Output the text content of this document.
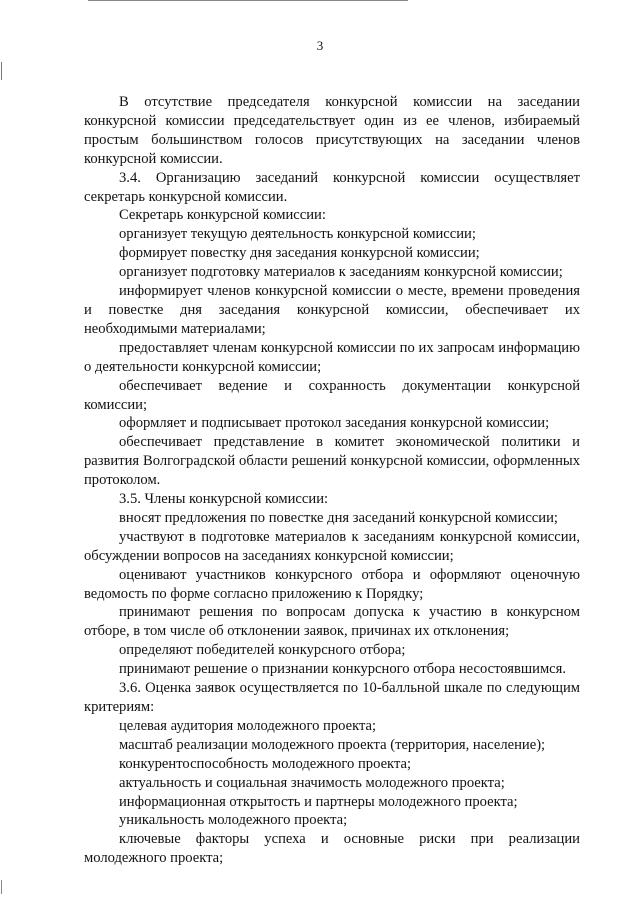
3

В отсутствие председателя конкурсной комиссии на заседании конкурсной комиссии председательствует один из ее членов, избираемый простым большинством голосов присутствующих на заседании членов конкурсной комиссии.

3.4. Организацию заседаний конкурсной комиссии осуществляет секретарь конкурсной комиссии.

Секретарь конкурсной комиссии:

организует текущую деятельность конкурсной комиссии;

формирует повестку дня заседания конкурсной комиссии;

организует подготовку материалов к заседаниям конкурсной комиссии;

информирует членов конкурсной комиссии о месте, времени проведения и повестке дня заседания конкурсной комиссии, обеспечивает их необходимыми материалами;

предоставляет членам конкурсной комиссии по их запросам информацию о деятельности конкурсной комиссии;

обеспечивает ведение и сохранность документации конкурсной комиссии;

оформляет и подписывает протокол заседания конкурсной комиссии;

обеспечивает представление в комитет экономической политики и развития Волгоградской области решений конкурсной комиссии, оформленных протоколом.

3.5. Члены конкурсной комиссии:

вносят предложения по повестке дня заседаний конкурсной комиссии;

участвуют в подготовке материалов к заседаниям конкурсной комиссии, обсуждении вопросов на заседаниях конкурсной комиссии;

оценивают участников конкурсного отбора и оформляют оценочную ведомость по форме согласно приложению к Порядку;

принимают решения по вопросам допуска к участию в конкурсном отборе, в том числе об отклонении заявок, причинах их отклонения;

определяют победителей конкурсного отбора;

принимают решение о признании конкурсного отбора несостоявшимся.

3.6. Оценка заявок осуществляется по 10-балльной шкале по следующим критериям:

целевая аудитория молодежного проекта;

масштаб реализации молодежного проекта (территория, население);

конкурентоспособность молодежного проекта;

актуальность и социальная значимость молодежного проекта;

информационная открытость и партнеры молодежного проекта;

уникальность молодежного проекта;

ключевые факторы успеха и основные риски при реализации молодежного проекта;
